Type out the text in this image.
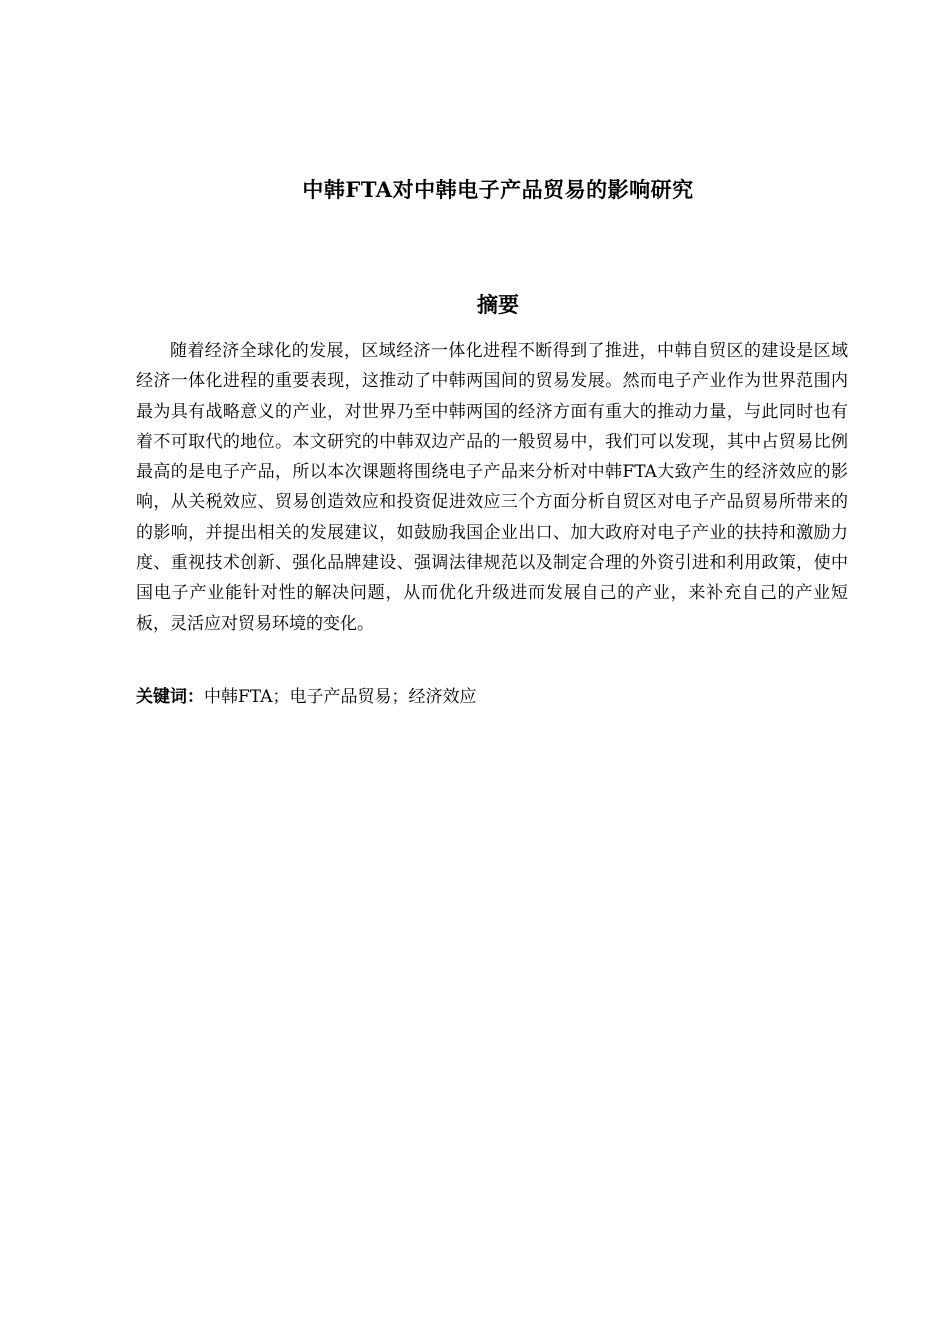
中韩FTA对中韩电子产品贸易的影响研究
摘要

随着经济全球化的发展，区域经济一体化进程不断得到了推进，中韩自贸区的建设是区域经济一体化进程的重要表现，这推动了中韩两国间的贸易发展。然而电子产业作为世界范围内最为具有战略意义的产业，对世界乃至中韩两国的经济方面有重大的推动力量，与此同时也有着不可取代的地位。本文研究的中韩双边产品的一般贸易中，我们可以发现，其中占贸易比例最高的是电子产品，所以本次课题将围绕电子产品来分析对中韩FTA大致产生的经济效应的影响，从关税效应、贸易创造效应和投资促进效应三个方面分析自贸区对电子产品贸易所带来的的影响，并提出相关的发展建议，如鼓励我国企业出口、加大政府对电子产业的扶持和激励力度、重视技术创新、强化品牌建设、强调法律规范以及制定合理的外资引进和利用政策，使中国电子产业能针对性的解决问题，从而优化升级进而发展自己的产业，来补充自己的产业短板，灵活应对贸易环境的变化。

关键词：中韩FTA；电子产品贸易；经济效应
